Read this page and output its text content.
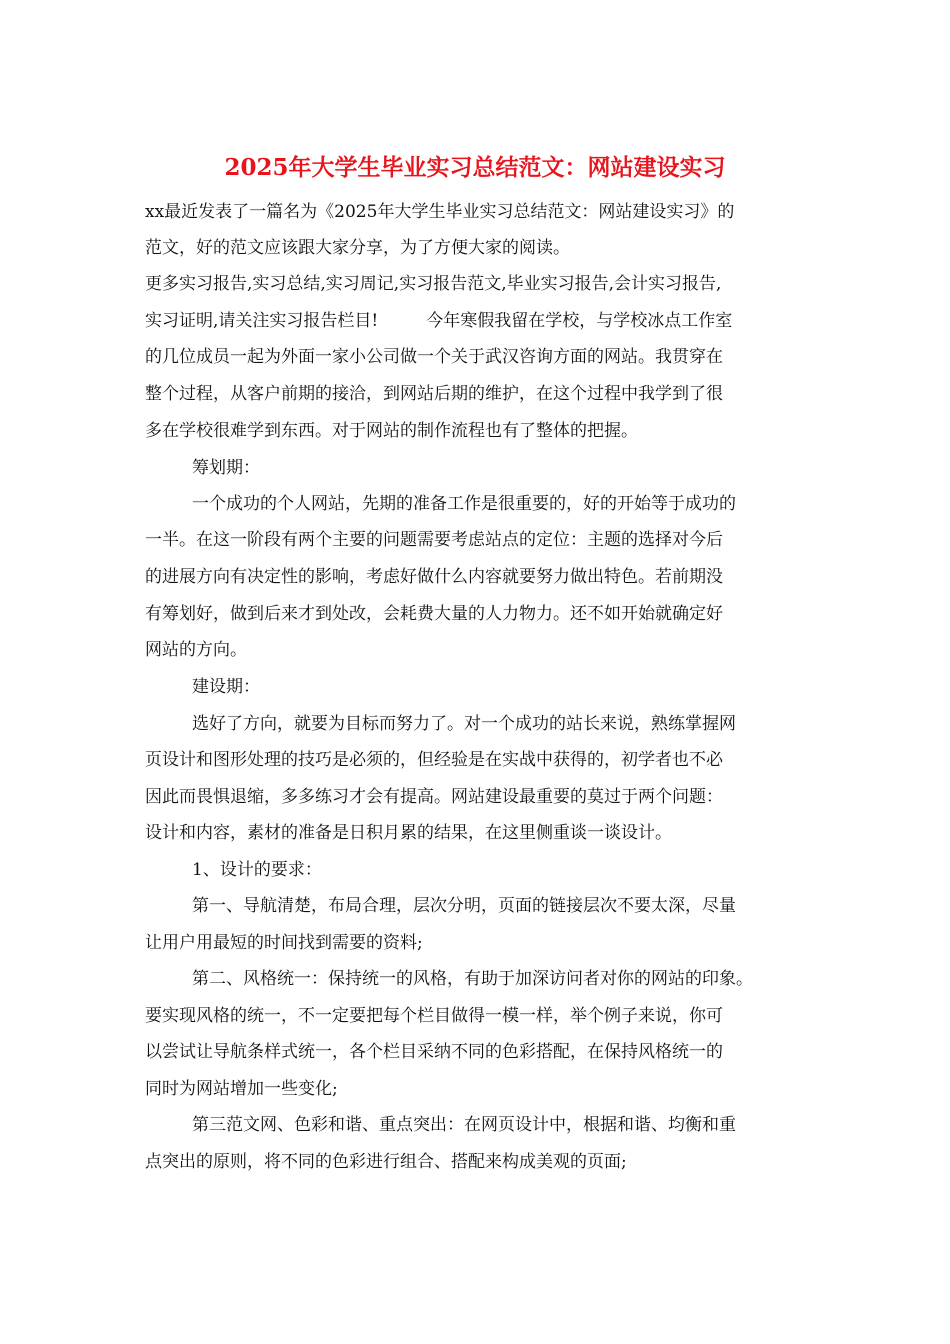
2025年大学生毕业实习总结范文：网站建设实习
xx最近发表了一篇名为《2025年大学生毕业实习总结范文：网站建设实习》的
范文，好的范文应该跟大家分享，为了方便大家的阅读。
更多实习报告,实习总结,实习周记,实习报告范文,毕业实习报告,会计实习报告,
实习证明,请关注实习报告栏目!	今年寒假我留在学校，与学校冰点工作室
的几位成员一起为外面一家小公司做一个关于武汉咨询方面的网站。我贯穿在
整个过程，从客户前期的接洽，到网站后期的维护，在这个过程中我学到了很
多在学校很难学到东西。对于网站的制作流程也有了整体的把握。
筹划期：
一个成功的个人网站，先期的准备工作是很重要的，好的开始等于成功的
一半。在这一阶段有两个主要的问题需要考虑站点的定位：主题的选择对今后
的进展方向有决定性的影响，考虑好做什么内容就要努力做出特色。若前期没
有筹划好，做到后来才到处改，会耗费大量的人力物力。还不如开始就确定好
网站的方向。
建设期：
选好了方向，就要为目标而努力了。对一个成功的站长来说，熟练掌握网
页设计和图形处理的技巧是必须的，但经验是在实战中获得的，初学者也不必
因此而畏惧退缩，多多练习才会有提高。网站建设最重要的莫过于两个问题：
设计和内容，素材的准备是日积月累的结果，在这里侧重谈一谈设计。
1、设计的要求：
第一、导航清楚，布局合理，层次分明，页面的链接层次不要太深，尽量
让用户用最短的时间找到需要的资料;
第二、风格统一：保持统一的风格，有助于加深访问者对你的网站的印象。
要实现风格的统一，不一定要把每个栏目做得一模一样，举个例子来说，你可
以尝试让导航条样式统一，各个栏目采纳不同的色彩搭配，在保持风格统一的
同时为网站增加一些变化;
第三范文网、色彩和谐、重点突出：在网页设计中，根据和谐、均衡和重
点突出的原则，将不同的色彩进行组合、搭配来构成美观的页面;
